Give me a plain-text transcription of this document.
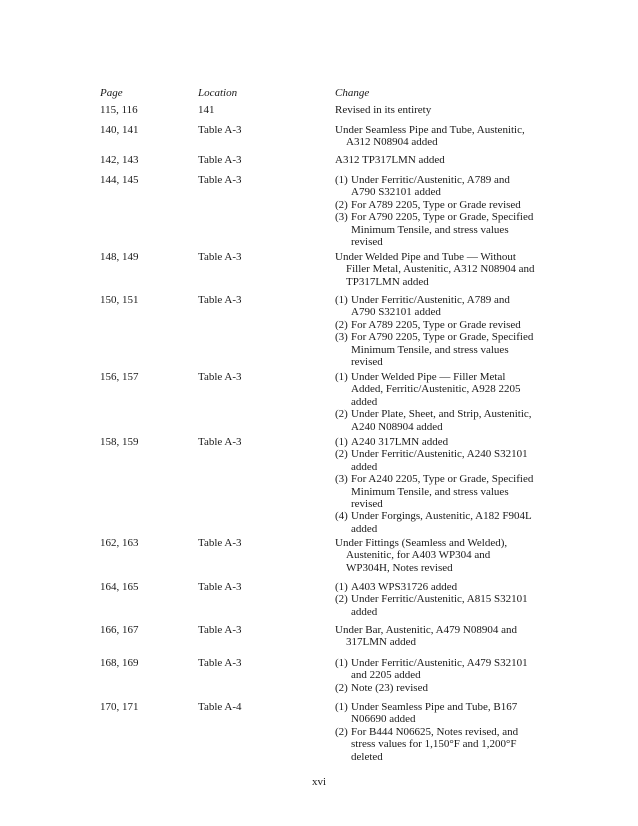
Page	Location	Change
115, 116	141	Revised in its entirety
140, 141	Table A-3	Under Seamless Pipe and Tube, Austenitic, A312 N08904 added
142, 143	Table A-3	A312 TP317LMN added
144, 145	Table A-3	(1) Under Ferritic/Austenitic, A789 and A790 S32101 added
(2) For A789 2205, Type or Grade revised
(3) For A790 2205, Type or Grade, Specified Minimum Tensile, and stress values revised
148, 149	Table A-3	Under Welded Pipe and Tube — Without Filler Metal, Austenitic, A312 N08904 and TP317LMN added
150, 151	Table A-3	(1) Under Ferritic/Austenitic, A789 and A790 S32101 added
(2) For A789 2205, Type or Grade revised
(3) For A790 2205, Type or Grade, Specified Minimum Tensile, and stress values revised
156, 157	Table A-3	(1) Under Welded Pipe — Filler Metal Added, Ferritic/Austenitic, A928 2205 added
(2) Under Plate, Sheet, and Strip, Austenitic, A240 N08904 added
158, 159	Table A-3	(1) A240 317LMN added
(2) Under Ferritic/Austenitic, A240 S32101 added
(3) For A240 2205, Type or Grade, Specified Minimum Tensile, and stress values revised
(4) Under Forgings, Austenitic, A182 F904L added
162, 163	Table A-3	Under Fittings (Seamless and Welded), Austenitic, for A403 WP304 and WP304H, Notes revised
164, 165	Table A-3	(1) A403 WPS31726 added
(2) Under Ferritic/Austenitic, A815 S32101 added
166, 167	Table A-3	Under Bar, Austenitic, A479 N08904 and 317LMN added
168, 169	Table A-3	(1) Under Ferritic/Austenitic, A479 S32101 and 2205 added
(2) Note (23) revised
170, 171	Table A-4	(1) Under Seamless Pipe and Tube, B167 N06690 added
(2) For B444 N06625, Notes revised, and stress values for 1,150°F and 1,200°F deleted
xvi
